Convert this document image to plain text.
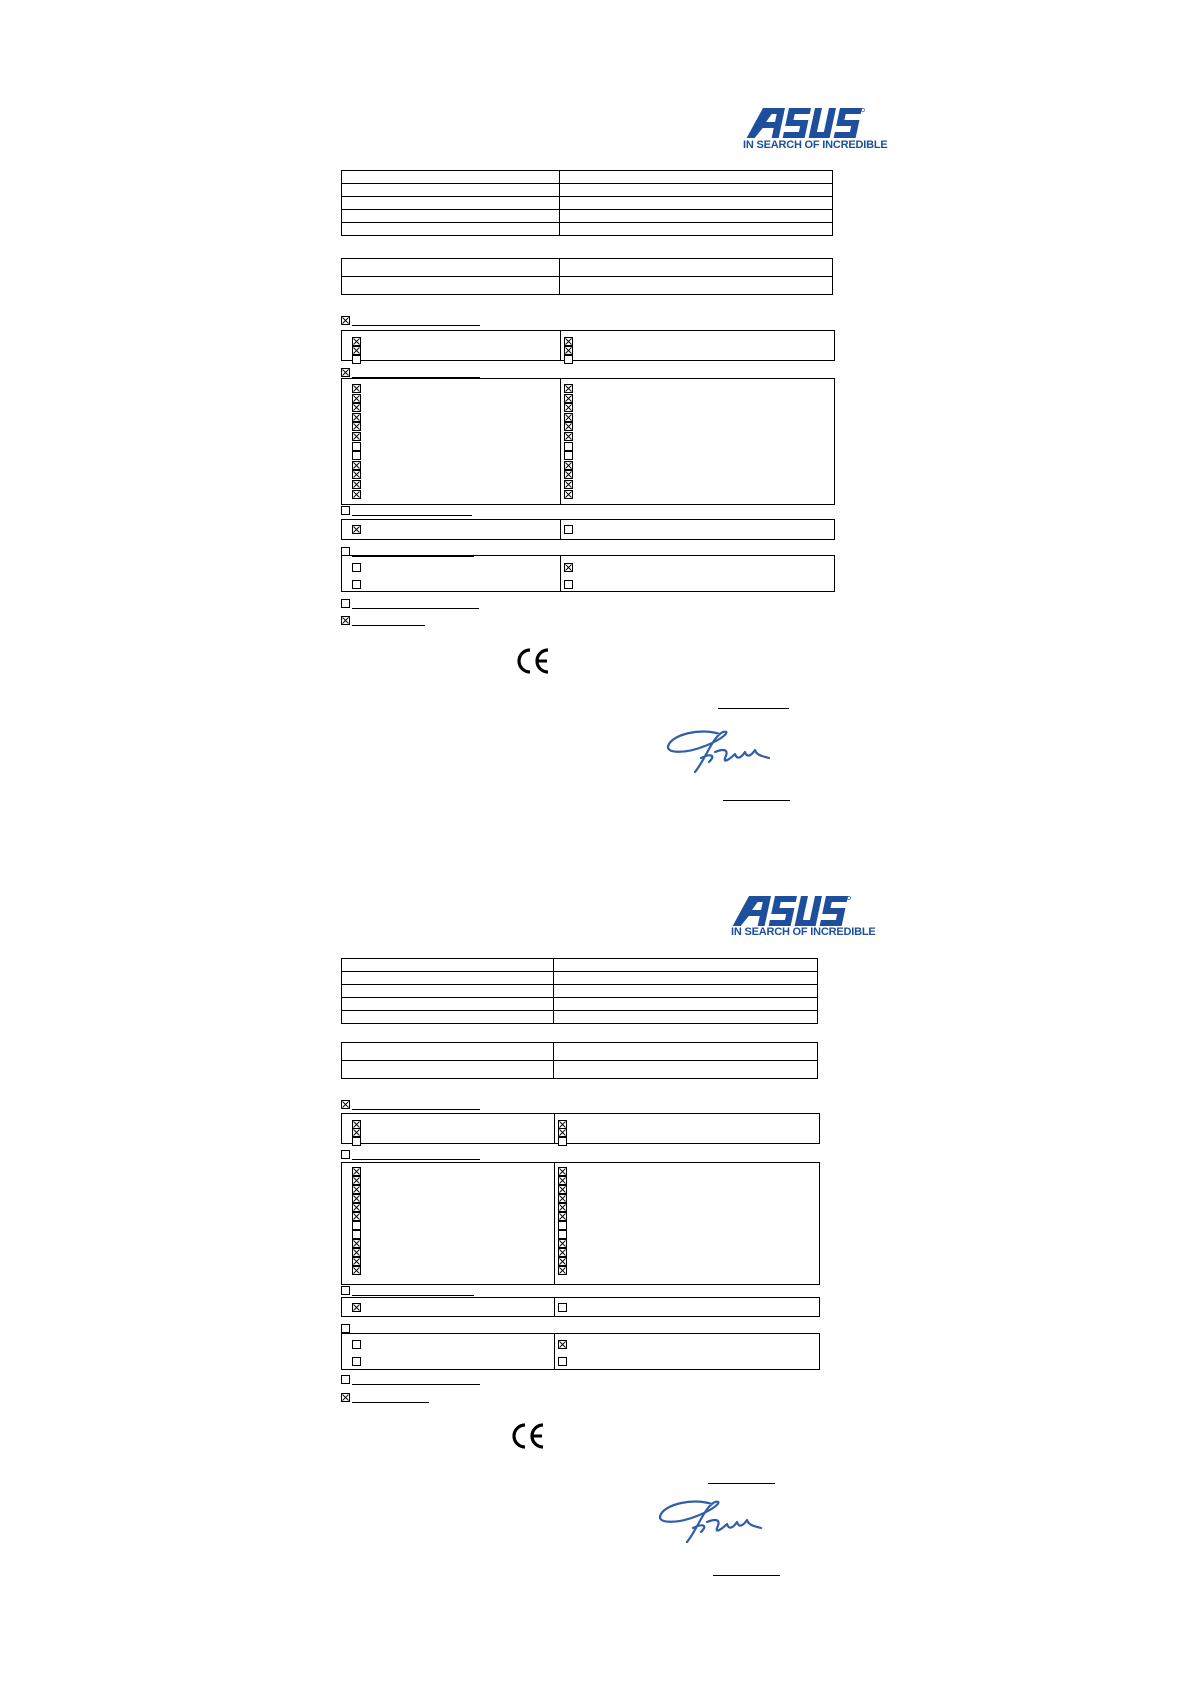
IN SEARCH OF INCREDIBLE

IN SEARCH OF INCREDIBLE
